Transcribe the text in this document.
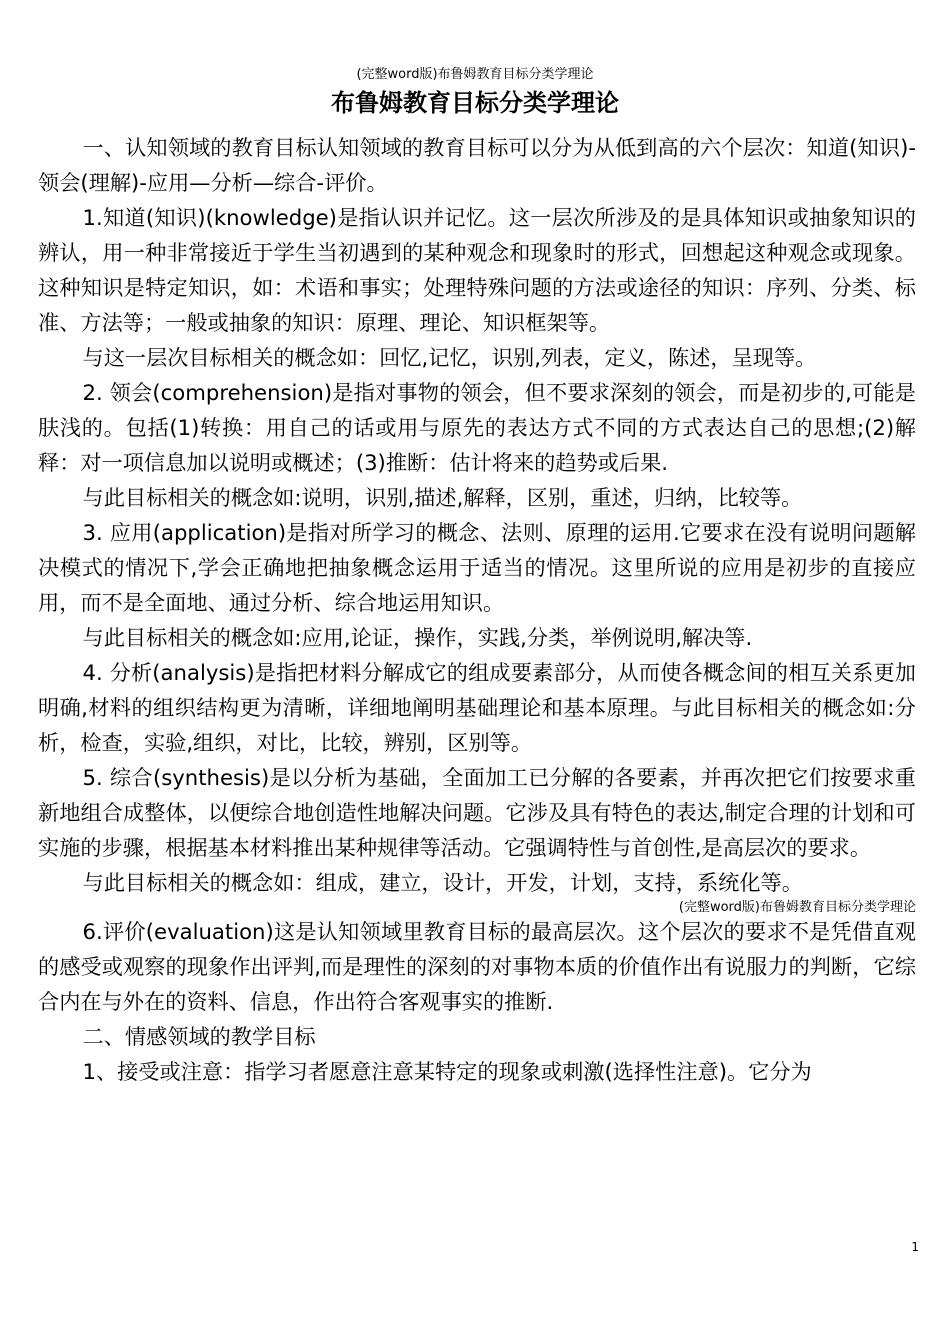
(完整word版)布鲁姆教育目标分类学理论
布鲁姆教育目标分类学理论

一、认知领域的教育目标认知领域的教育目标可以分为从低到高的六个层次：知道(知识)-领会(理解)-应用—分析—综合-评价。

1.知道(知识)(knowledge)是指认识并记忆。这一层次所涉及的是具体知识或抽象知识的辨认，用一种非常接近于学生当初遇到的某种观念和现象时的形式，回想起这种观念或现象。这种知识是特定知识，如：术语和事实；处理特殊问题的方法或途径的知识：序列、分类、标准、方法等；一般或抽象的知识：原理、理论、知识框架等。

与这一层次目标相关的概念如：回忆,记忆，识别,列表，定义，陈述，呈现等。

2. 领会(comprehension)是指对事物的领会，但不要求深刻的领会，而是初步的,可能是肤浅的。包括(1)转换：用自己的话或用与原先的表达方式不同的方式表达自己的思想;(2)解释：对一项信息加以说明或概述；(3)推断：估计将来的趋势或后果.

与此目标相关的概念如:说明，识别,描述,解释，区别，重述，归纳，比较等。

3. 应用(application)是指对所学习的概念、法则、原理的运用.它要求在没有说明问题解决模式的情况下,学会正确地把抽象概念运用于适当的情况。这里所说的应用是初步的直接应用，而不是全面地、通过分析、综合地运用知识。

与此目标相关的概念如:应用,论证，操作，实践,分类，举例说明,解决等.

4. 分析(analysis)是指把材料分解成它的组成要素部分，从而使各概念间的相互关系更加明确,材料的组织结构更为清晰，详细地阐明基础理论和基本原理。与此目标相关的概念如:分析，检查，实验,组织，对比，比较，辨别，区别等。

5. 综合(synthesis)是以分析为基础，全面加工已分解的各要素，并再次把它们按要求重新地组合成整体，以便综合地创造性地解决问题。它涉及具有特色的表达,制定合理的计划和可实施的步骤，根据基本材料推出某种规律等活动。它强调特性与首创性,是高层次的要求。

与此目标相关的概念如：组成，建立，设计，开发，计划，支持，系统化等。

(完整word版)布鲁姆教育目标分类学理论

6.评价(evaluation)这是认知领域里教育目标的最高层次。这个层次的要求不是凭借直观的感受或观察的现象作出评判,而是理性的深刻的对事物本质的价值作出有说服力的判断，它综合内在与外在的资料、信息，作出符合客观事实的推断.

二、情感领域的教学目标

1、接受或注意：指学习者愿意注意某特定的现象或刺激(选择性注意)。它分为

1
